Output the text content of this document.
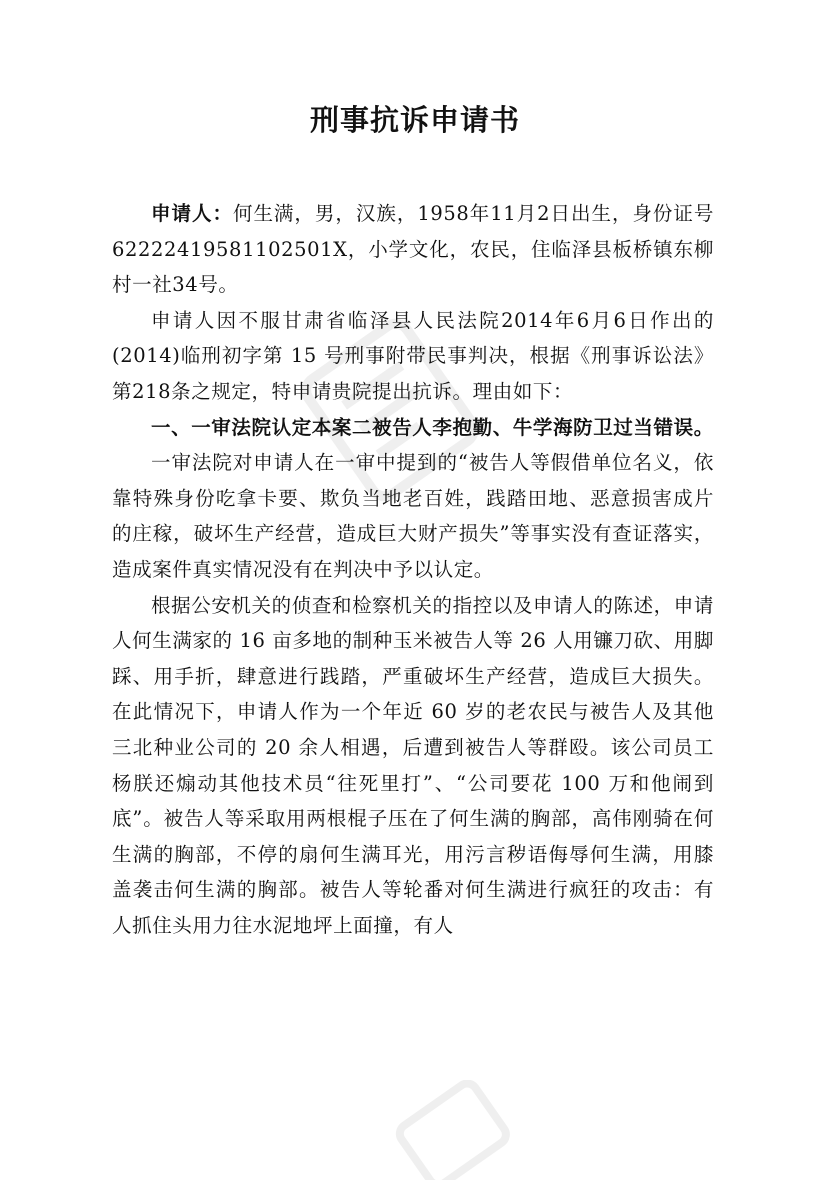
刑事抗诉申请书

申请人：何生满，男，汉族，1958年11月2日出生，身份证号 62222419581102501X，小学文化，农民，住临泽县板桥镇东柳村一社34号。

申请人因不服甘肃省临泽县人民法院2014年6月6日作出的(2014)临刑初字第 15 号刑事附带民事判决，根据《刑事诉讼法》第218条之规定，特申请贵院提出抗诉。理由如下：

一、一审法院认定本案二被告人李抱勤、牛学海防卫过当错误。

一审法院对申请人在一审中提到的“被告人等假借单位名义，依靠特殊身份吃拿卡要、欺负当地老百姓，践踏田地、恶意损害成片的庄稼，破坏生产经营，造成巨大财产损失”等事实没有查证落实，造成案件真实情况没有在判决中予以认定。

根据公安机关的侦查和检察机关的指控以及申请人的陈述，申请人何生满家的 16 亩多地的制种玉米被告人等 26 人用镰刀砍、用脚踩、用手折，肆意进行践踏，严重破坏生产经营，造成巨大损失。在此情况下，申请人作为一个年近 60 岁的老农民与被告人及其他三北种业公司的 20 余人相遇，后遭到被告人等群殴。该公司员工杨朕还煽动其他技术员“往死里打”、“公司要花 100 万和他闹到底”。被告人等采取用两根棍子压在了何生满的胸部，高伟刚骑在何生满的胸部，不停的扇何生满耳光，用污言秽语侮辱何生满，用膝盖袭击何生满的胸部。被告人等轮番对何生满进行疯狂的攻击：有人抓住头用力往水泥地坪上面撞，有人
